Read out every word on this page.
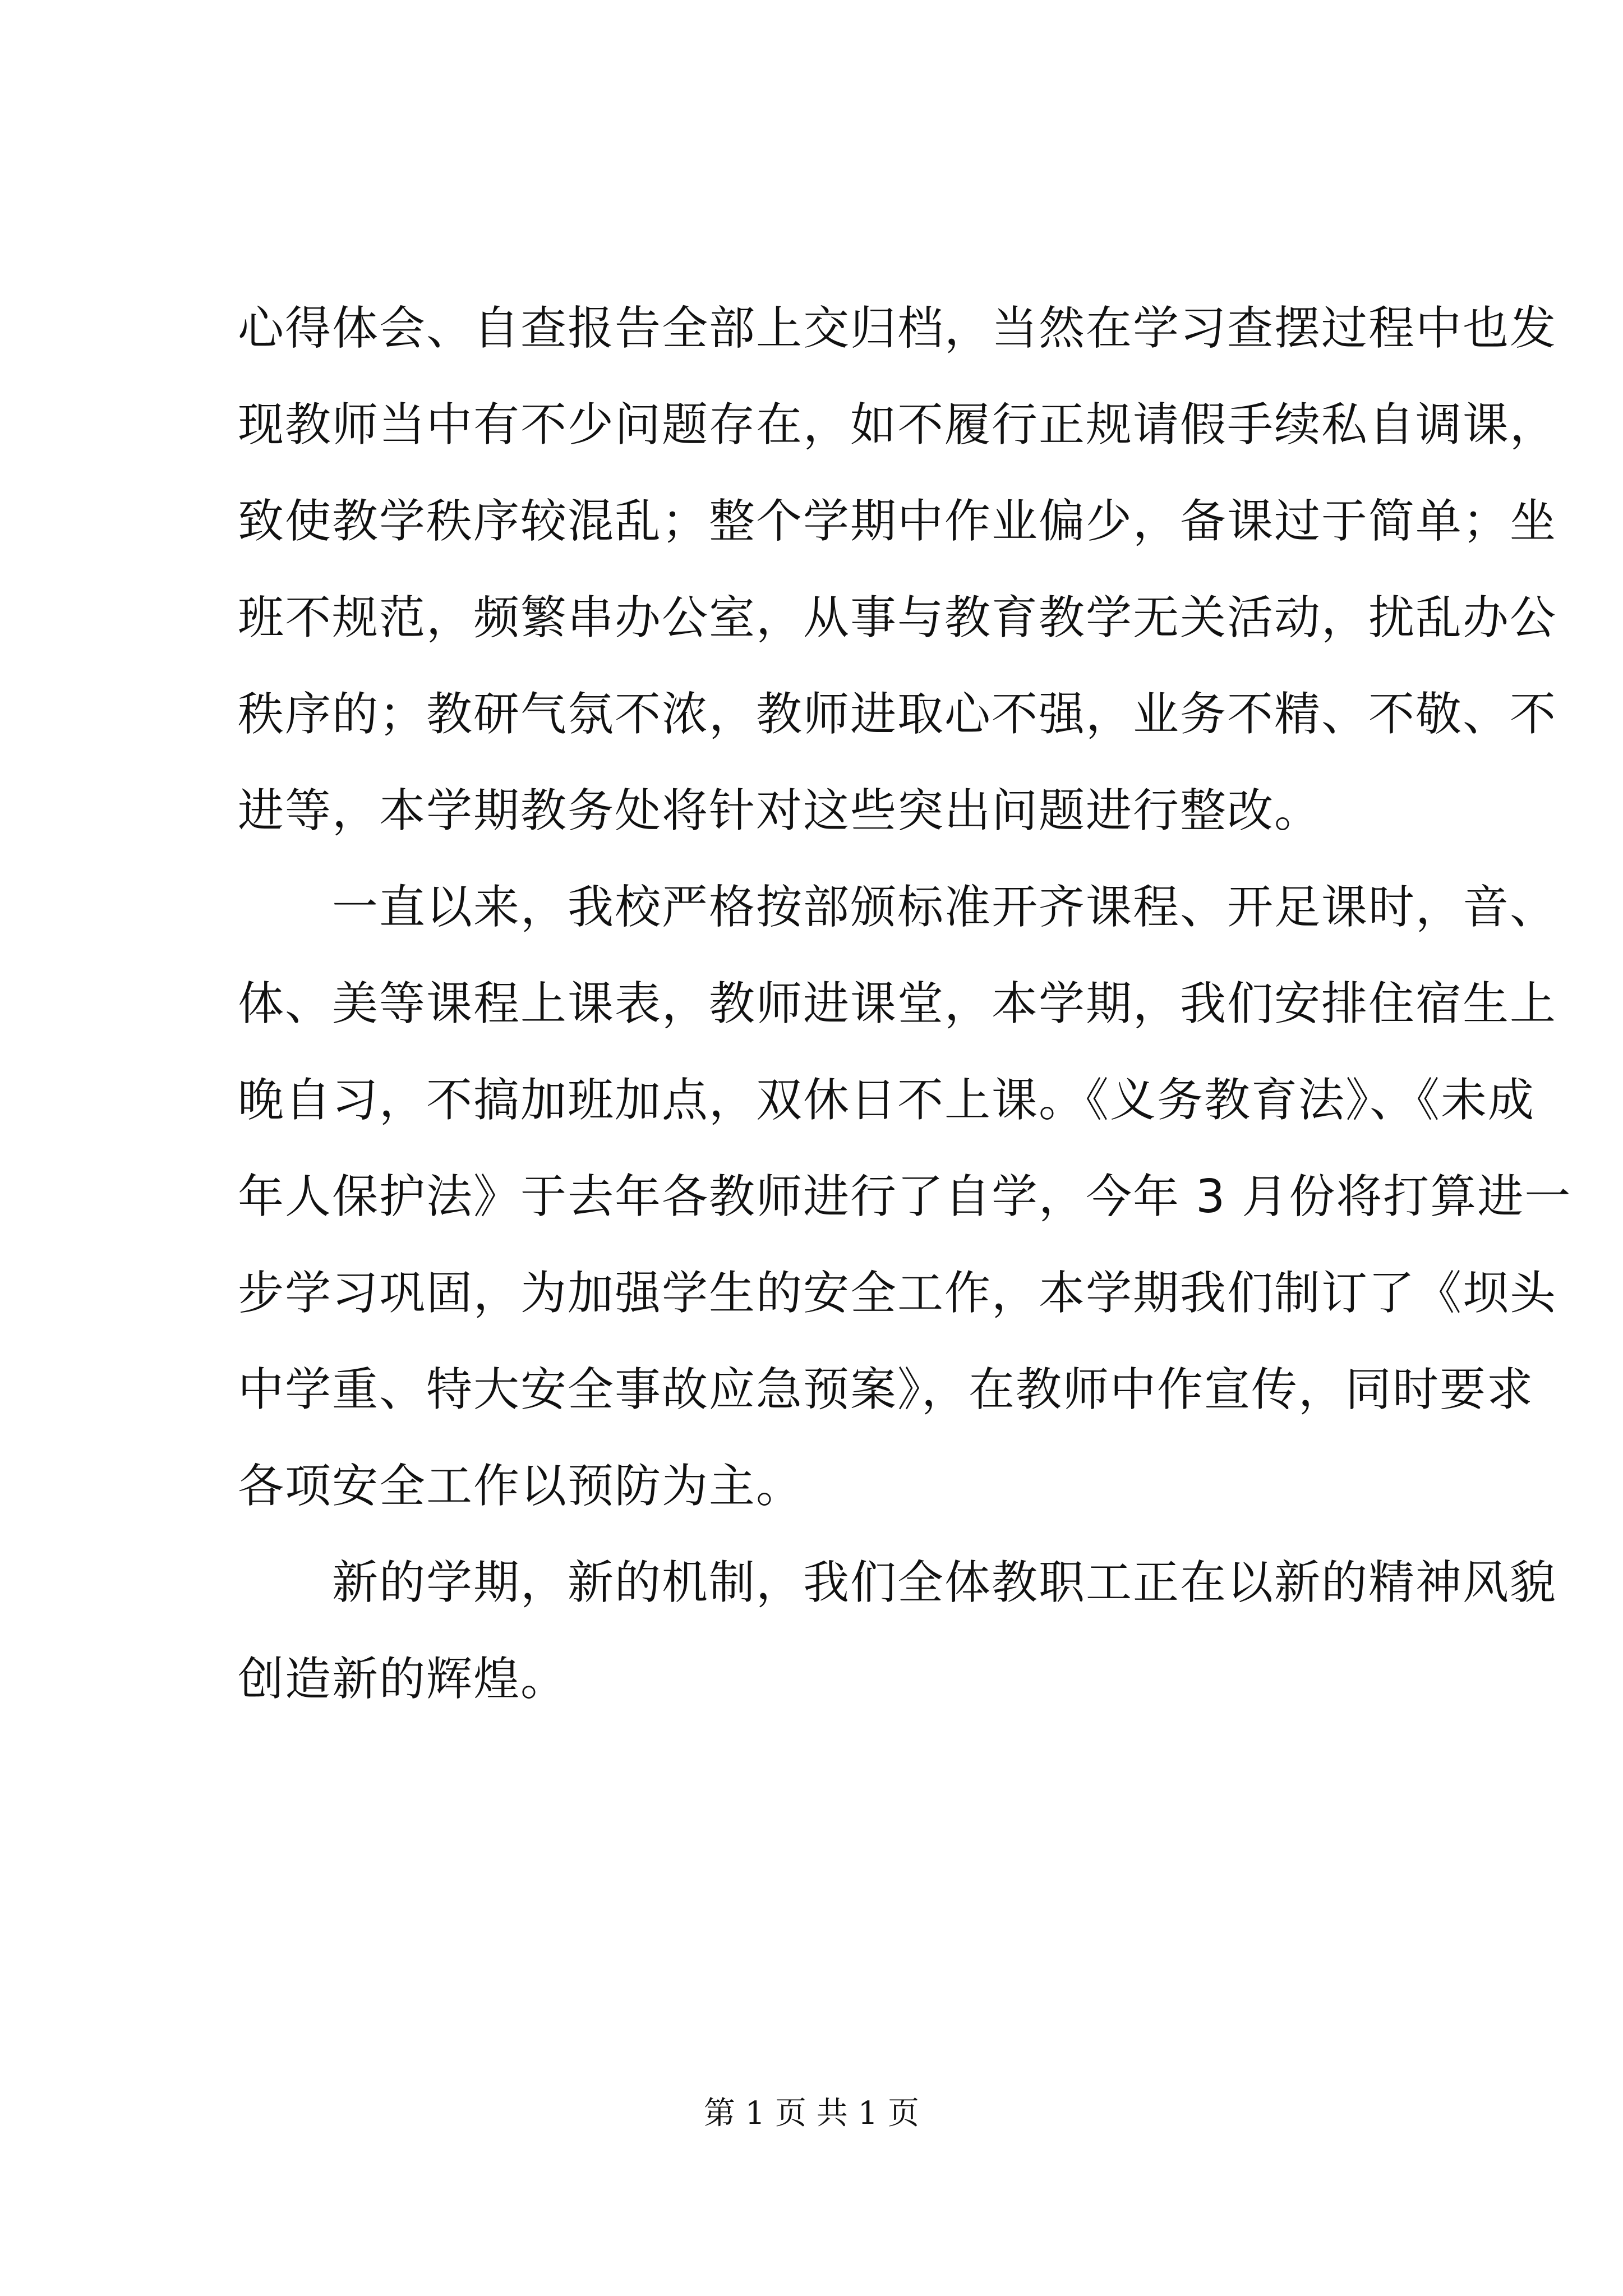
心得体会、自查报告全部上交归档，当然在学习查摆过程中也发
现教师当中有不少问题存在，如不履行正规请假手续私自调课，
致使教学秩序较混乱；整个学期中作业偏少，备课过于简单；坐
班不规范，频繁串办公室，从事与教育教学无关活动，扰乱办公
秩序的；教研气氛不浓，教师进取心不强，业务不精、不敬、不
进等，本学期教务处将针对这些突出问题进行整改。
　　一直以来，我校严格按部颁标准开齐课程、开足课时，音、
体、美等课程上课表，教师进课堂，本学期，我们安排住宿生上
晚自习，不搞加班加点，双休日不上课。《义务教育法》、《未成
年人保护法》于去年各教师进行了自学，今年 3 月份将打算进一
步学习巩固，为加强学生的安全工作，本学期我们制订了《坝头
中学重、特大安全事故应急预案》，在教师中作宣传，同时要求
各项安全工作以预防为主。
　　新的学期，新的机制，我们全体教职工正在以新的精神风貌
创造新的辉煌。
第 1 页 共 1 页
